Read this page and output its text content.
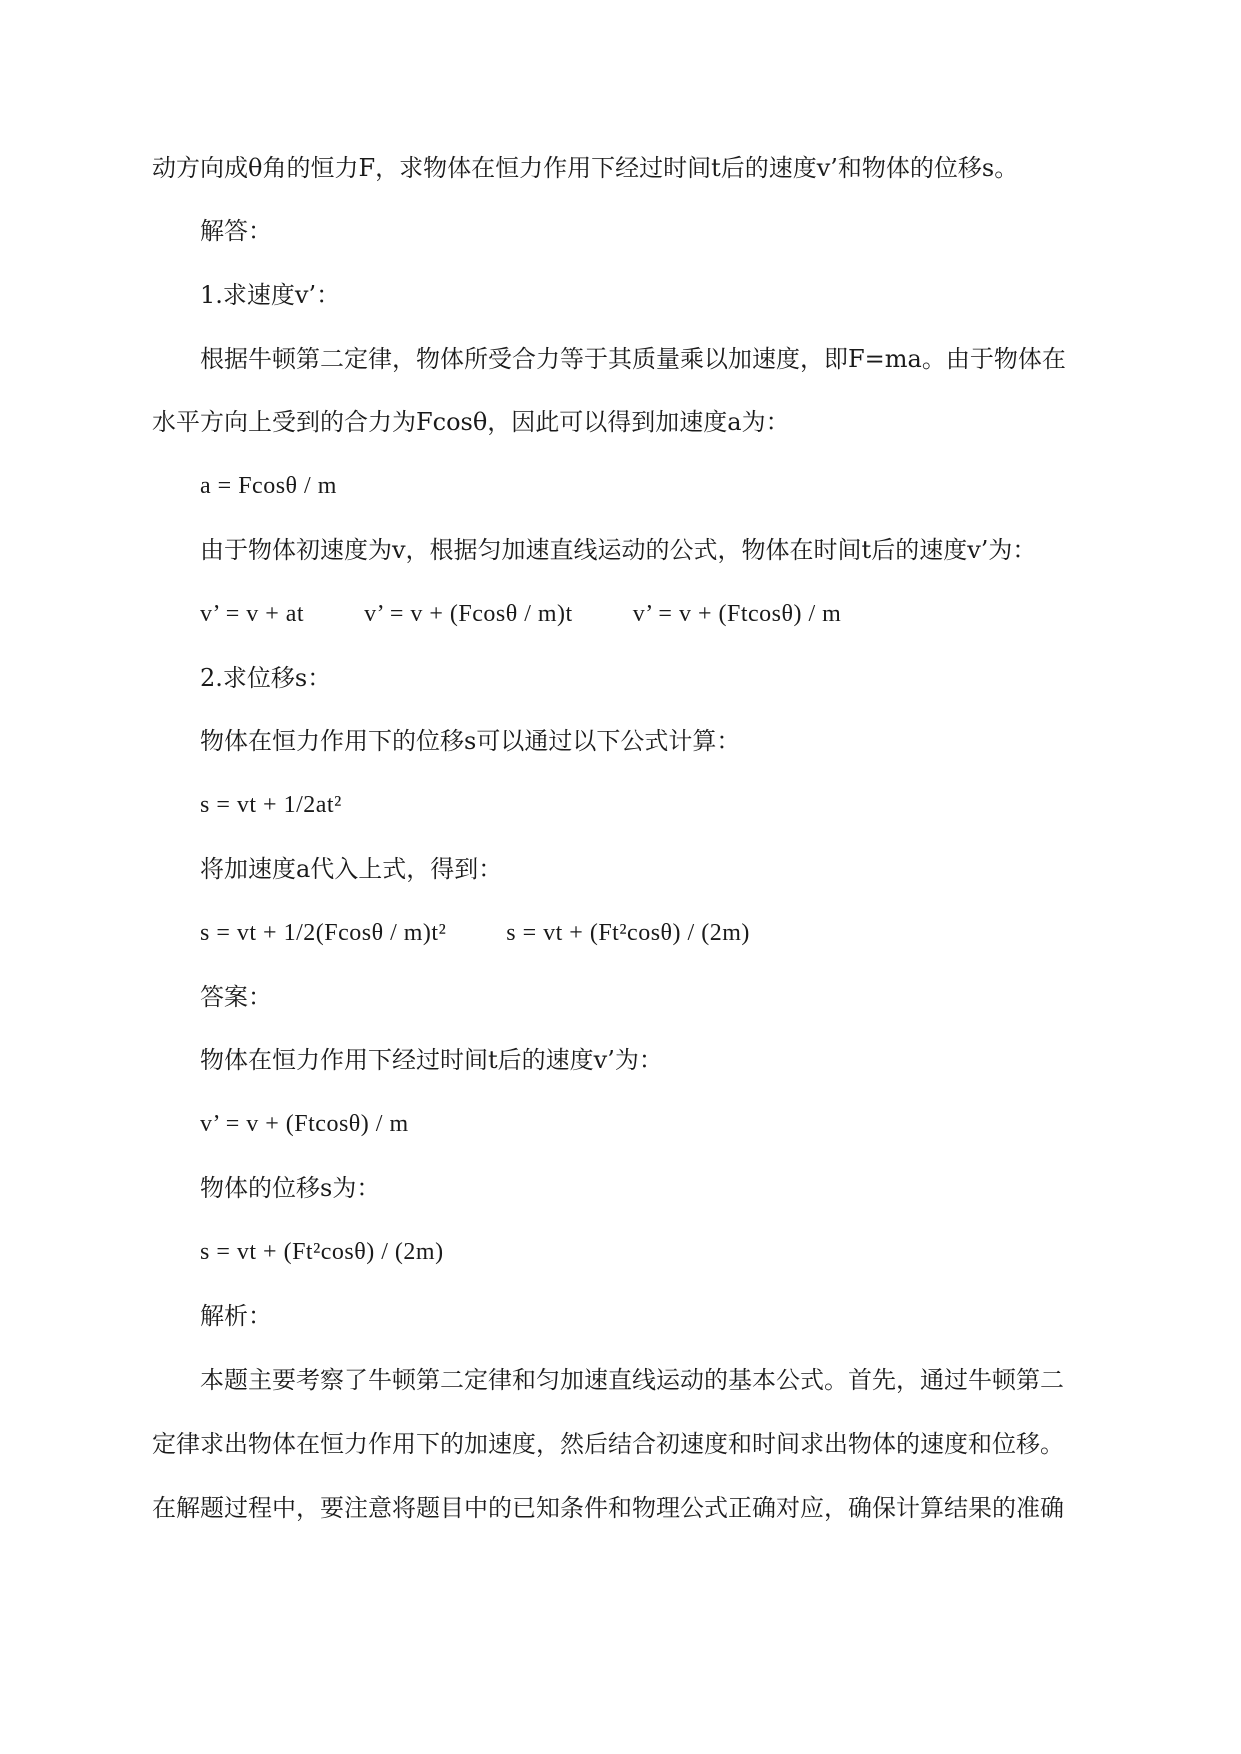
动方向成θ角的恒力F，求物体在恒力作用下经过时间t后的速度v’和物体的位移s。
解答：
1.求速度v’：
根据牛顿第二定律，物体所受合力等于其质量乘以加速度，即F=ma。由于物体在
水平方向上受到的合力为Fcosθ，因此可以得到加速度a为：
a = Fcosθ / m
由于物体初速度为v，根据匀加速直线运动的公式，物体在时间t后的速度v’为：
v’ = v + at	v’ = v + (Fcosθ / m)t	v’ = v + (Ftcosθ) / m
2.求位移s：
物体在恒力作用下的位移s可以通过以下公式计算：
s = vt + 1/2at²
将加速度a代入上式，得到：
s = vt + 1/2(Fcosθ / m)t²	s = vt + (Ft²cosθ) / (2m)
答案：
物体在恒力作用下经过时间t后的速度v’为：
v’ = v + (Ftcosθ) / m
物体的位移s为：
s = vt + (Ft²cosθ) / (2m)
解析：
本题主要考察了牛顿第二定律和匀加速直线运动的基本公式。首先，通过牛顿第二
定律求出物体在恒力作用下的加速度，然后结合初速度和时间求出物体的速度和位移。
在解题过程中，要注意将题目中的已知条件和物理公式正确对应，确保计算结果的准确
